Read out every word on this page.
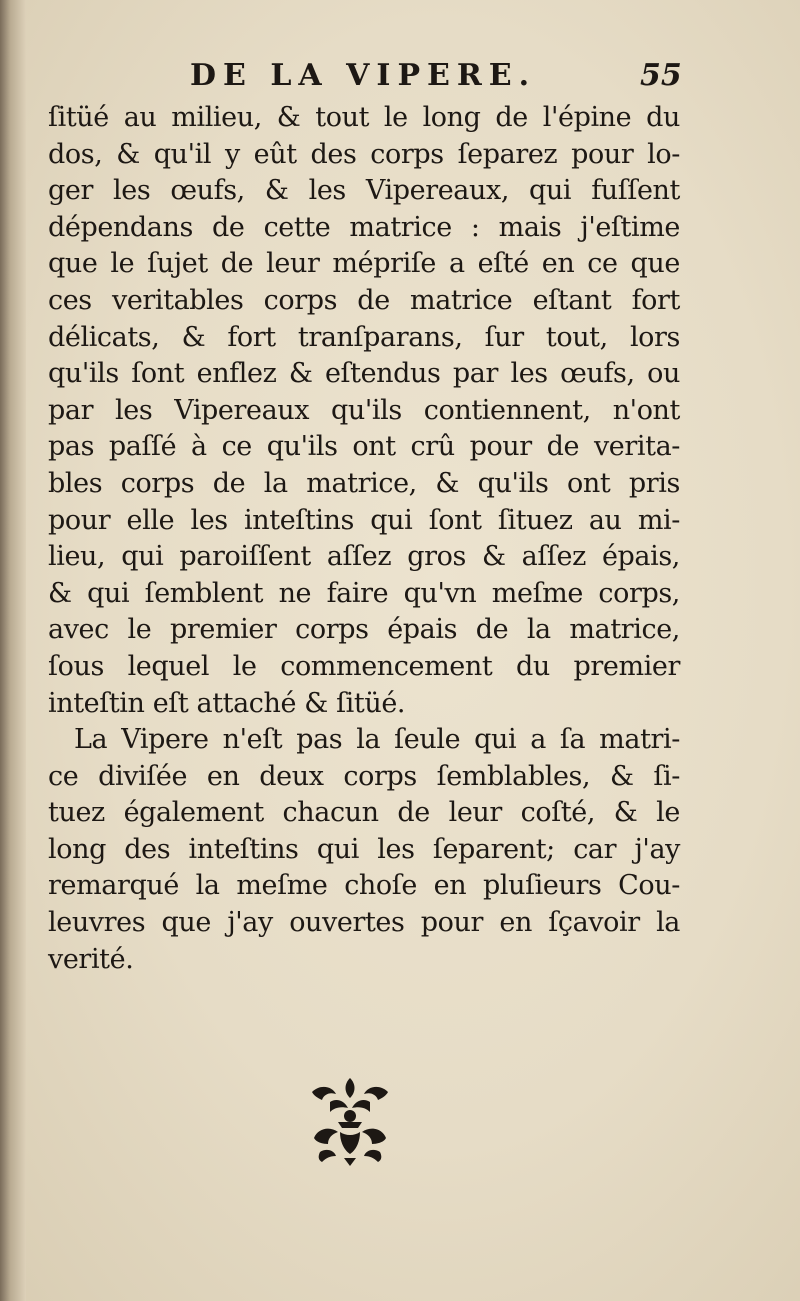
DE LA VIPERE.	55
ſitüé au milieu, & tout le long de l'épine du
dos, & qu'il y eût des corps ſeparez pour lo-
ger les œufs, & les Vipereaux, qui fuſſent
dépendans de cette matrice : mais j'eſtime
que le ſujet de leur mépriſe a eſté en ce que
ces veritables corps de matrice eſtant fort
délicats, & fort tranſparans, ſur tout, lors
qu'ils ſont enflez & eſtendus par les œufs, ou
par les Vipereaux qu'ils contiennent, n'ont
pas paſſé à ce qu'ils ont crû pour de verita-
bles corps de la matrice, & qu'ils ont pris
pour elle les inteſtins qui ſont ſituez au mi-
lieu, qui paroiſſent aſſez gros & aſſez épais,
& qui ſemblent ne faire qu'vn meſme corps,
avec le premier corps épais de la matrice,
ſous lequel le commencement du premier
inteſtin eſt attaché & ſitüé.
La Vipere n'eſt pas la ſeule qui a ſa matri-
ce diviſée en deux corps ſemblables, & ſi-
tuez également chacun de leur coſté, & le
long des inteſtins qui les ſeparent; car j'ay
remarqué la meſme choſe en pluſieurs Cou-
leuvres que j'ay ouvertes pour en ſçavoir la
verité.
